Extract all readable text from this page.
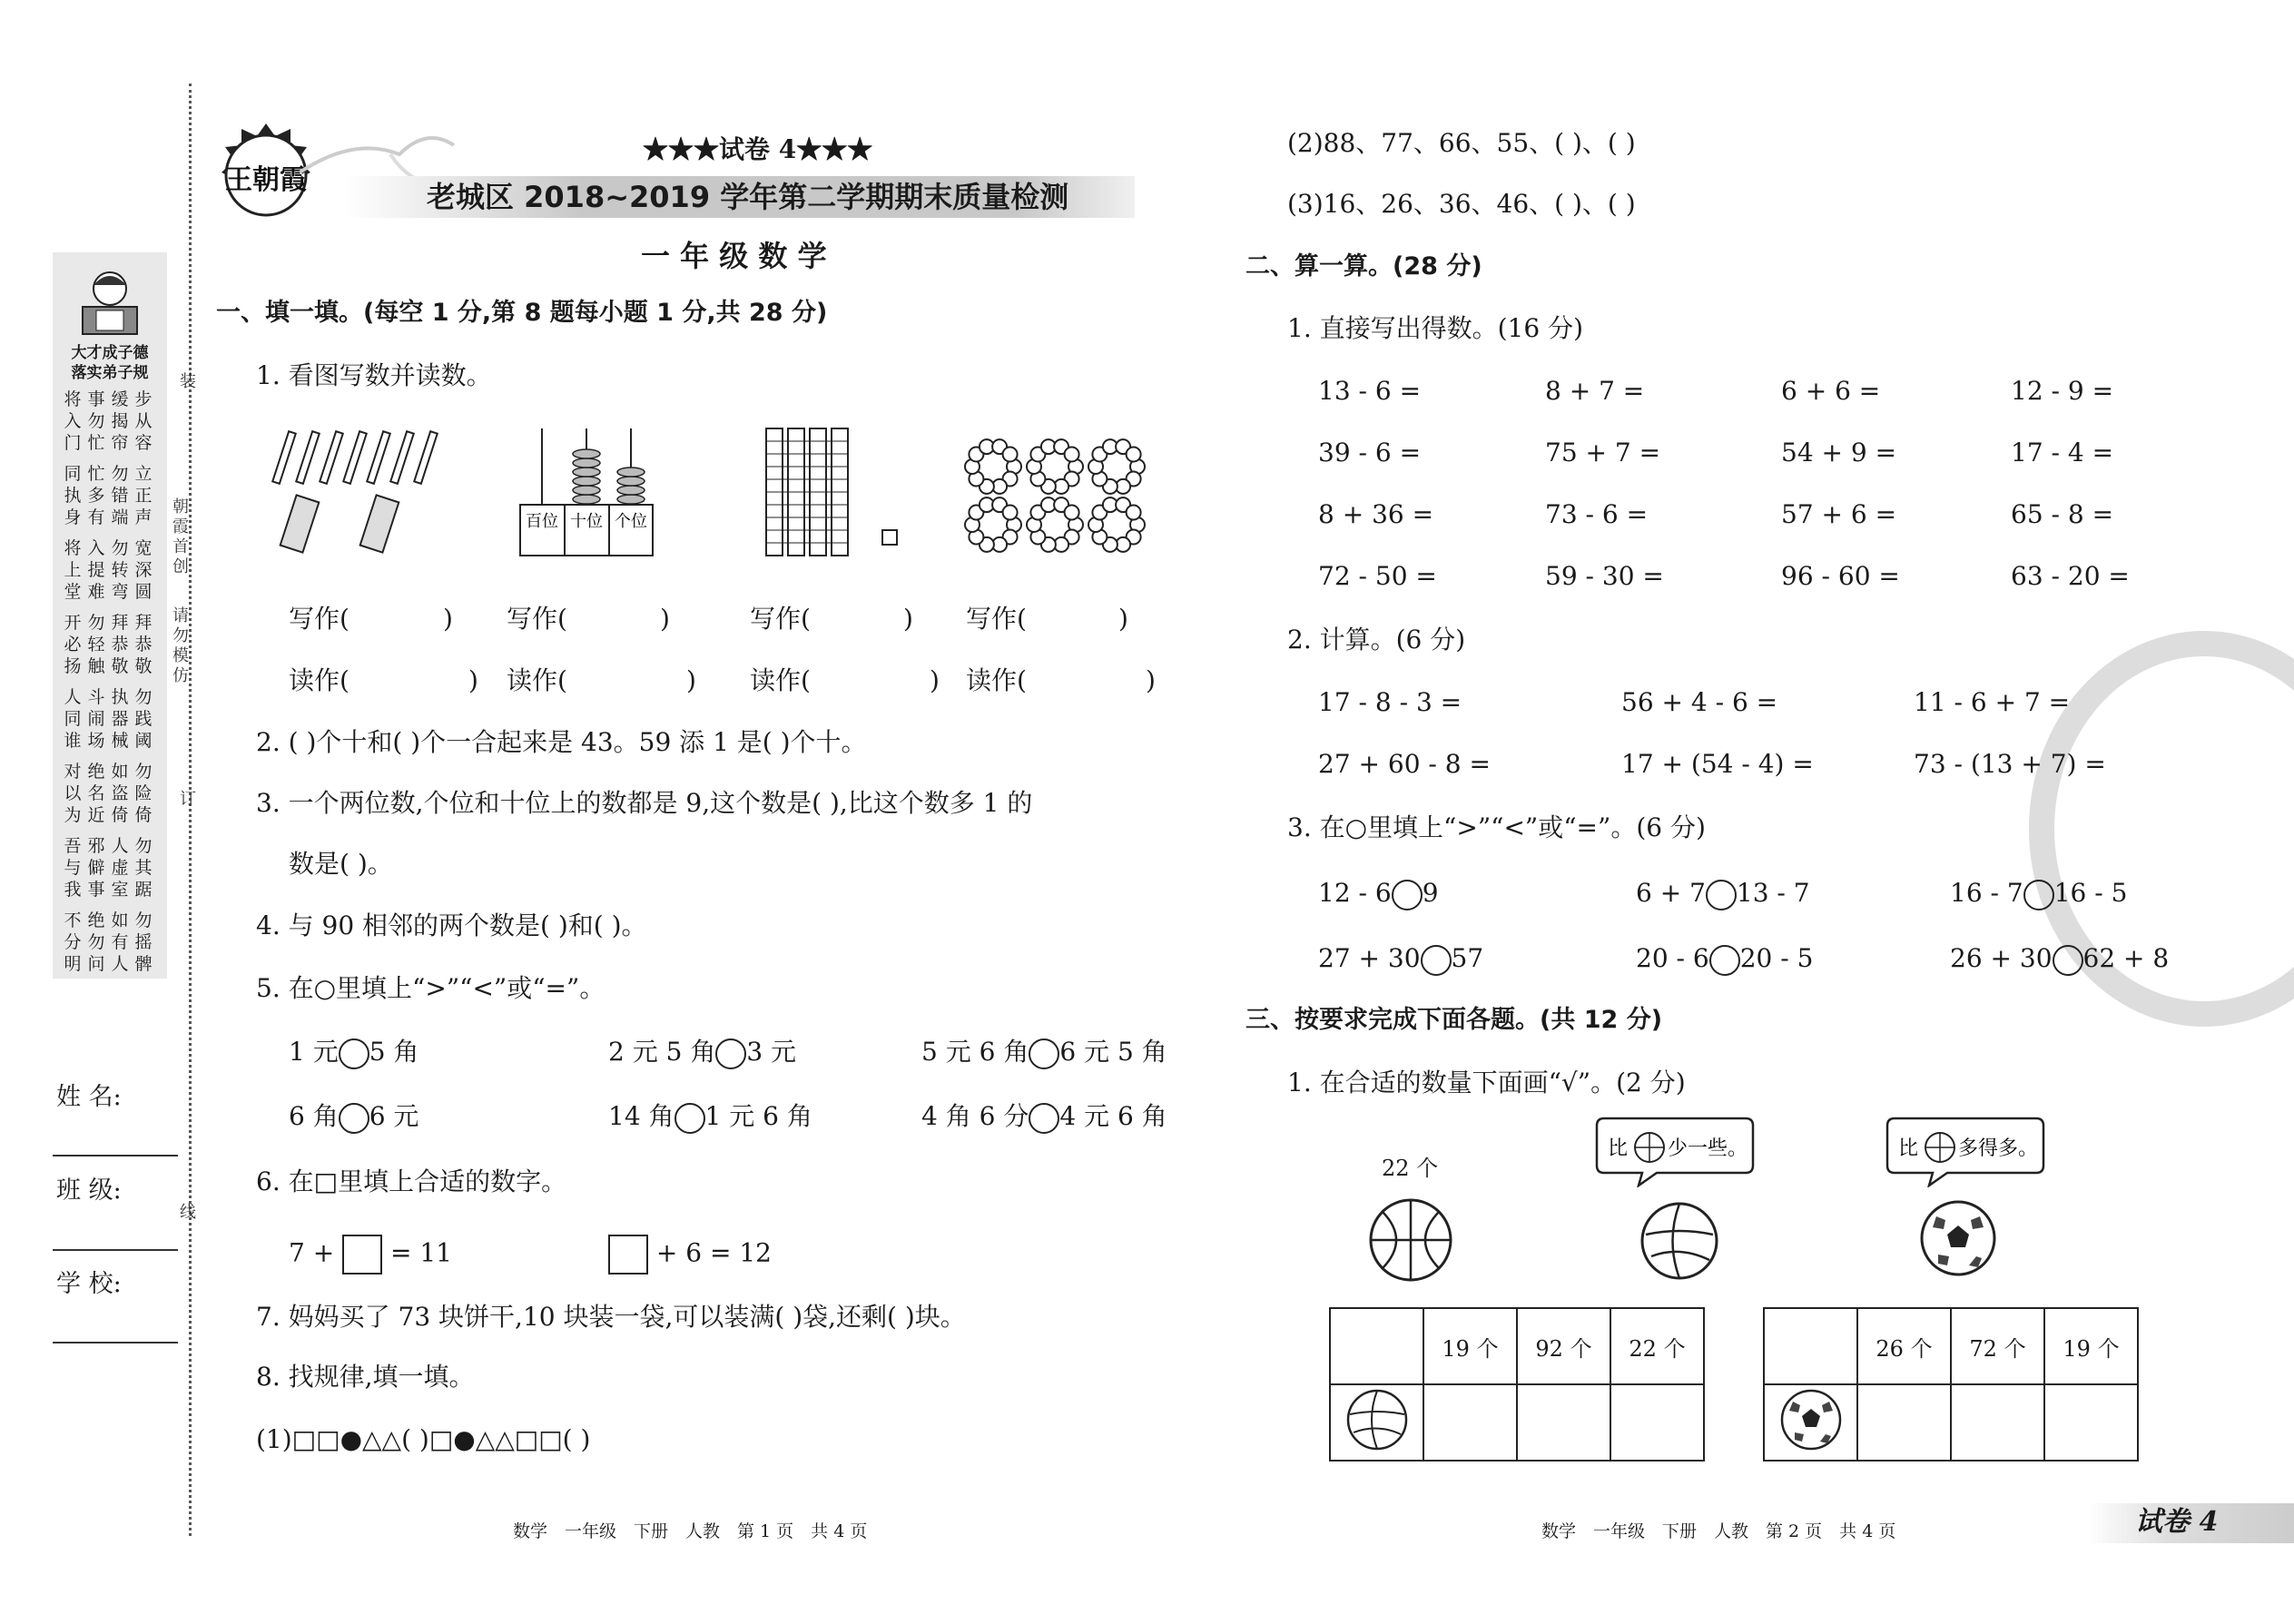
装
订
线
朝霞首创
请勿模仿
大才成子德
落实弟子规
将入门
事勿忙
缓揭帘
步从容
同执身
忙多有
勿错端
立正声
将上堂
入提难
勿转弯
宽深圆
开必扬
勿轻触
拜恭敬
拜恭敬
人同谁
斗闹场
执器械
勿践阈
对以为
绝名近
如盗倚
勿险倚
吾与我
邪僻事
人虚室
勿其踞
不分明
绝勿问
如有人
勿摇髀
姓 名:
班 级:
学 校:
王朝霞
★★★试卷 4★★★
老城区 2018~2019 学年第二学期期末质量检测
一 年 级 数 学
一、填一填。(每空 1 分,第 8 题每小题 1 分,共 28 分)
1. 看图写数并读数。
百位 十位 个位
写作(	) 写作(	)	写作(	) 写作(	)
读作(	) 读作(	) 读作(	) 读作(	)
2. ( )个十和( )个一合起来是 43。59 添 1 是( )个十。
3. 一个两位数,个位和十位上的数都是 9,这个数是( ),比这个数多 1 的
数是( )。
4. 与 90 相邻的两个数是( )和( )。
5. 在○里填上“>”“<”或“=”。
1 元 5 角	2 元 5 角 3 元	5 元 6 角 6 元 5 角
6 角 6 元	14 角 1 元 6 角	4 角 6 分 4 元 6 角
6. 在□里填上合适的数字。
7 + = 11	+ 6 = 12
7. 妈妈买了 73 块饼干,10 块装一袋,可以装满( )袋,还剩( )块。
8. 找规律,填一填。
(1)□□●△△( )□●△△□□( )
数学　一年级　下册　人教　第 1 页　共 4 页
(2)88、77、66、55、( )、( )
(3)16、26、36、46、( )、( )
二、算一算。(28 分)
1. 直接写出得数。(16 分)
13 - 6 =	8 + 7 =	6 + 6 =	12 - 9 =
39 - 6 =	75 + 7 =	54 + 9 =	17 - 4 =
8 + 36 =	73 - 6 =	57 + 6 =	65 - 8 =
72 - 50 =	59 - 30 =	96 - 60 =	63 - 20 =
2. 计算。(6 分)
17 - 8 - 3 =	56 + 4 - 6 =	11 - 6 + 7 =
27 + 60 - 8 =	17 + (54 - 4) =	73 - (13 + 7) =
3. 在○里填上“>”“<”或“=”。(6 分)
12 - 6 9	6 + 7 13 - 7	16 - 7 16 - 5
27 + 30 57	20 - 6 20 - 5	26 + 30 62 + 8
三、按要求完成下面各题。(共 12 分)
1. 在合适的数量下面画“√”。(2 分)
22 个
比 少一些。	比 多得多。
	19 个	92 个	22 个

		26 个	72 个	19 个

数学　一年级　下册　人教　第 2 页　共 4 页	试卷 4
